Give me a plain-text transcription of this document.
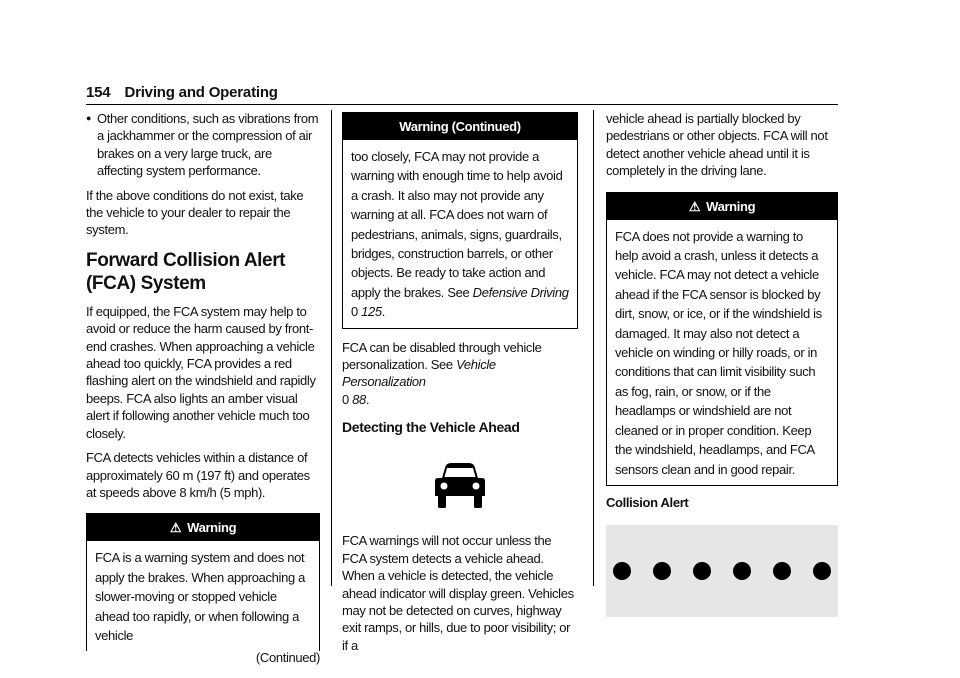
154 Driving and Operating
● Other conditions, such as vibrations from a jackhammer or the compression of air brakes on a very large truck, are affecting system performance.

If the above conditions do not exist, take the vehicle to your dealer to repair the system.

Forward Collision Alert (FCA) System

If equipped, the FCA system may help to avoid or reduce the harm caused by front-end crashes. When approaching a vehicle ahead too quickly, FCA provides a red flashing alert on the windshield and rapidly beeps. FCA also lights an amber visual alert if following another vehicle much too closely.

FCA detects vehicles within a distance of approximately 60 m (197 ft) and operates at speeds above 8 km/h (5 mph).

⚠ Warning
FCA is a warning system and does not apply the brakes. When approaching a slower-moving or stopped vehicle ahead too rapidly, or when following a vehicle
(Continued)
Warning (Continued)
too closely, FCA may not provide a warning with enough time to help avoid a crash. It also may not provide any warning at all. FCA does not warn of pedestrians, animals, signs, guardrails, bridges, construction barrels, or other objects. Be ready to take action and apply the brakes. See Defensive Driving
0 125.

FCA can be disabled through vehicle personalization. See Vehicle Personalization
0 88.

Detecting the Vehicle Ahead

FCA warnings will not occur unless the FCA system detects a vehicle ahead. When a vehicle is detected, the vehicle ahead indicator will display green. Vehicles may not be detected on curves, highway exit ramps, or hills, due to poor visibility; or if a

vehicle ahead is partially blocked by pedestrians or other objects. FCA will not detect another vehicle ahead until it is completely in the driving lane.

⚠ Warning
FCA does not provide a warning to help avoid a crash, unless it detects a vehicle. FCA may not detect a vehicle ahead if the FCA sensor is blocked by dirt, snow, or ice, or if the windshield is damaged. It may also not detect a vehicle on winding or hilly roads, or in conditions that can limit visibility such as fog, rain, or snow, or if the headlamps or windshield are not cleaned or in proper condition. Keep the windshield, headlamps, and FCA sensors clean and in good repair.
Collision Alert
